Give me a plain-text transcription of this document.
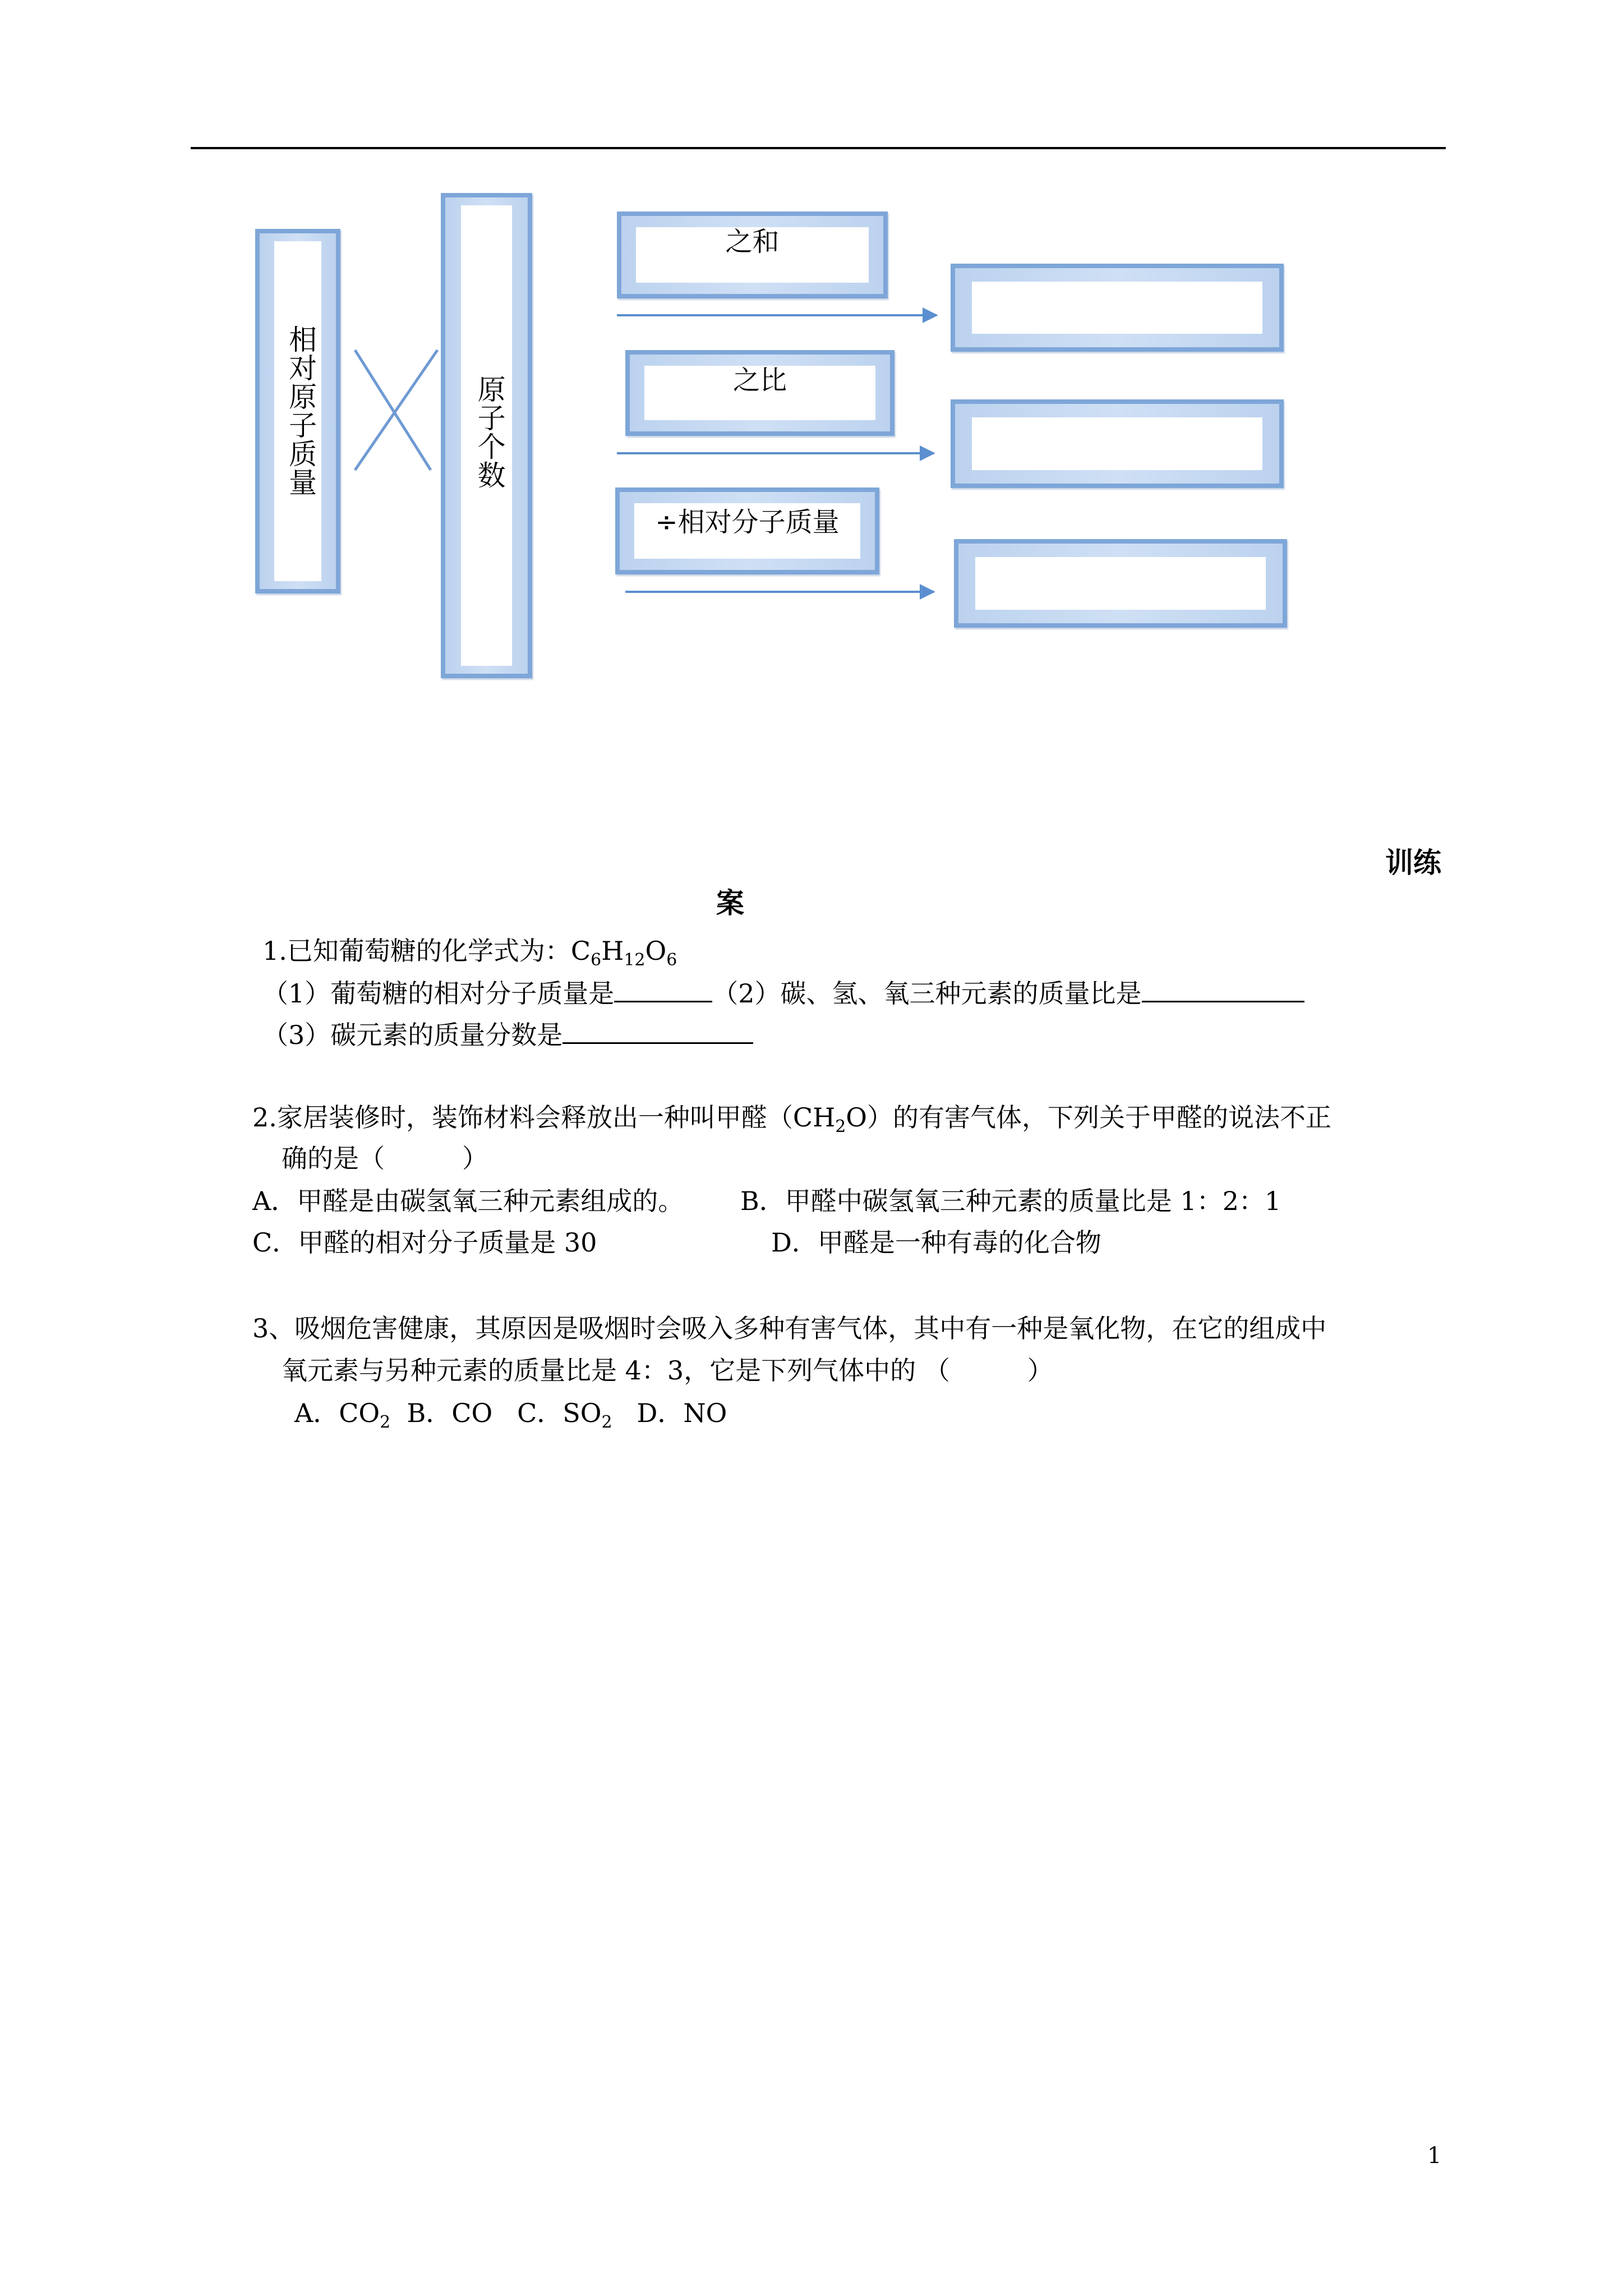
相对原子质量
原子个数
之和
之比
÷相对分子质量
训练
案
1.已知葡萄糖的化学式为：$C_6H_{12}O_6$
（1）葡萄糖的相对分子质量是	（2）碳、氢、氧三种元素的质量比是
（3）碳元素的质量分数是
2.家居装修时，装饰材料会释放出一种叫甲醛$(CH_2O)$的有害气体，下列关于甲醛的说法不正
确的是（　　　）
A．甲醛是由碳氢氧三种元素组成的。 B．甲醛中碳氢氧三种元素的质量比是 1：2：1
C．甲醛的相对分子质量是 30	D．甲醛是一种有毒的化合物
3、吸烟危害健康，其原因是吸烟时会吸入多种有害气体，其中有一种是氧化物，在它的组成中
氧元素与另种元素的质量比是 4：3，它是下列气体中的 （　　　）
A．$CO_2$ B．CO C．$SO_2$ D．NO
1
